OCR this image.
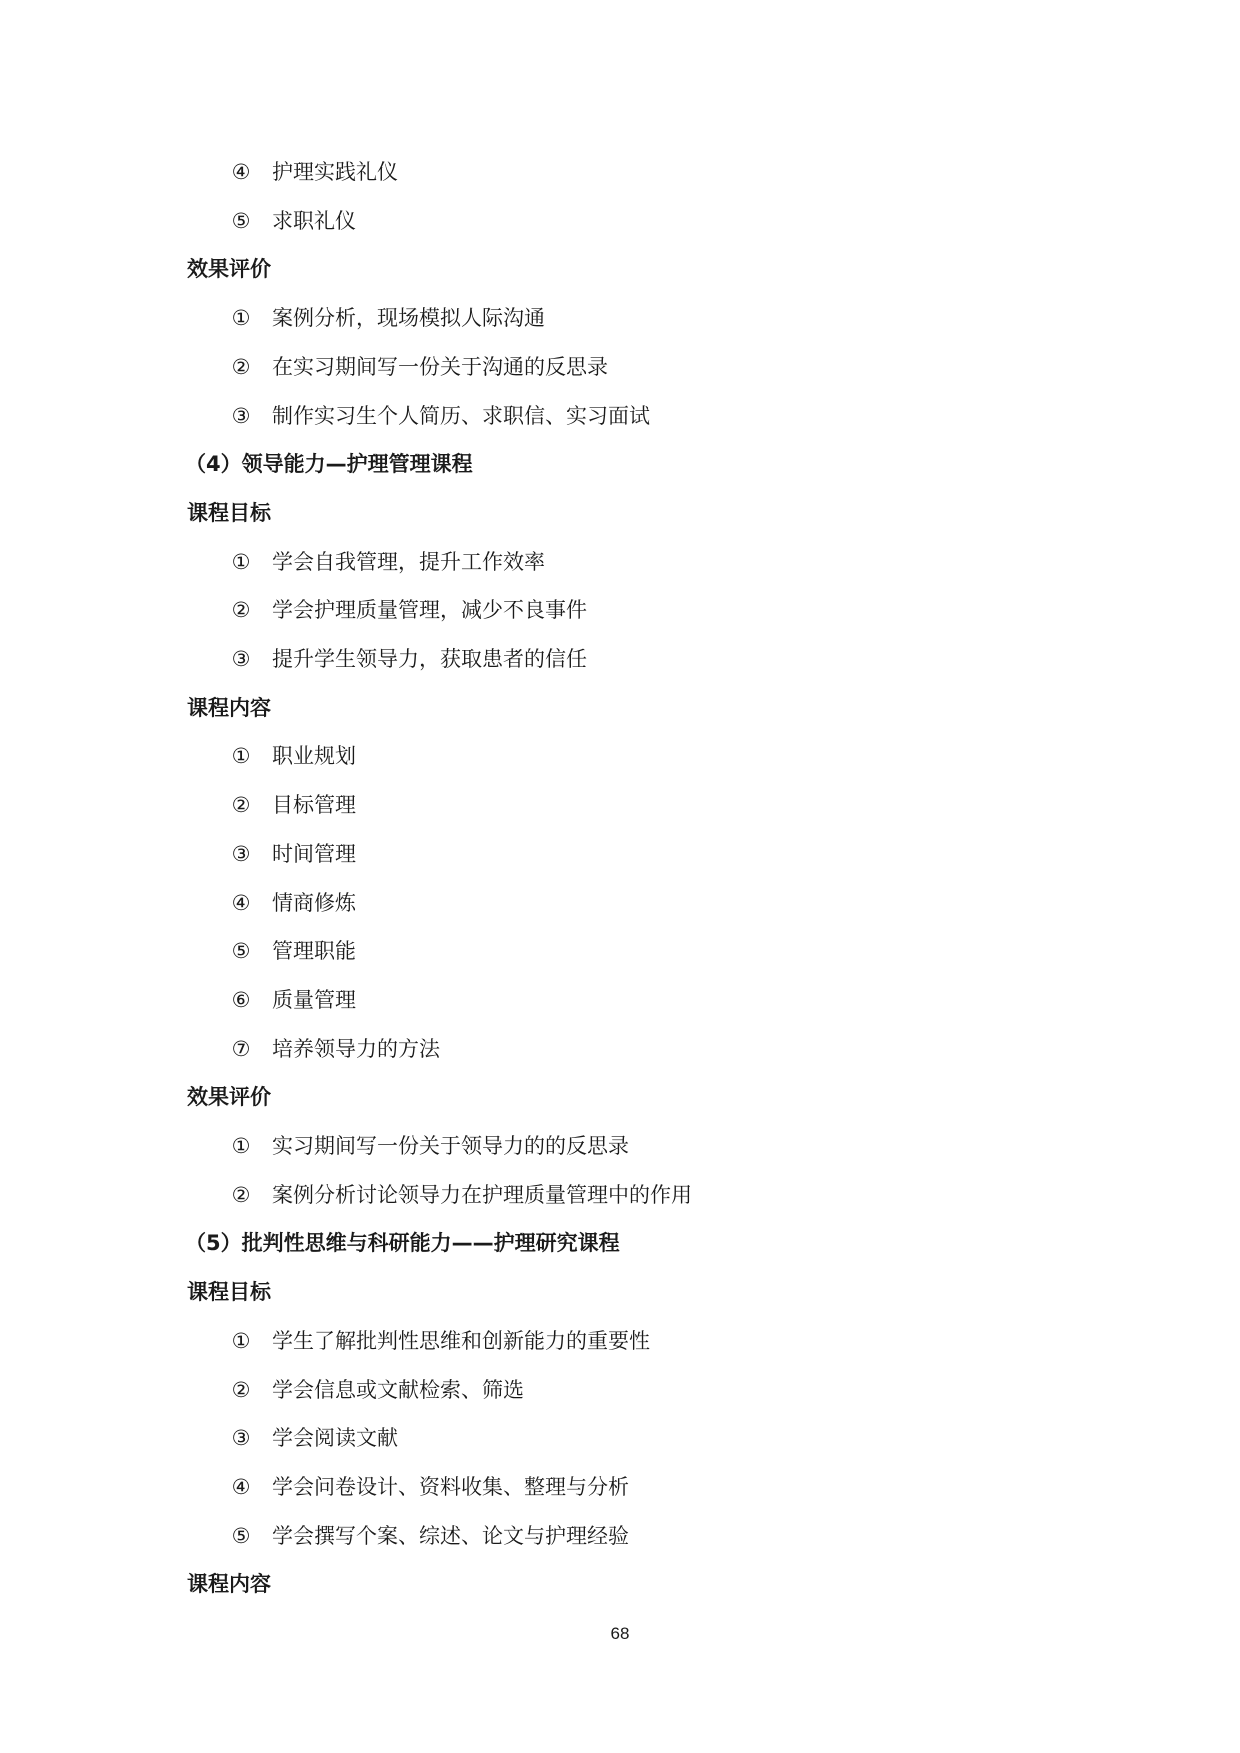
④ 护理实践礼仪
⑤ 求职礼仪
效果评价
① 案例分析，现场模拟人际沟通
② 在实习期间写一份关于沟通的反思录
③ 制作实习生个人简历、求职信、实习面试
（4）领导能力—护理管理课程
课程目标
① 学会自我管理，提升工作效率
② 学会护理质量管理，减少不良事件
③ 提升学生领导力，获取患者的信任
课程内容
① 职业规划
② 目标管理
③ 时间管理
④ 情商修炼
⑤ 管理职能
⑥ 质量管理
⑦ 培养领导力的方法
效果评价
① 实习期间写一份关于领导力的的反思录
② 案例分析讨论领导力在护理质量管理中的作用
（5）批判性思维与科研能力——护理研究课程
课程目标
① 学生了解批判性思维和创新能力的重要性
② 学会信息或文献检索、筛选
③ 学会阅读文献
④ 学会问卷设计、资料收集、整理与分析
⑤ 学会撰写个案、综述、论文与护理经验
课程内容
68
